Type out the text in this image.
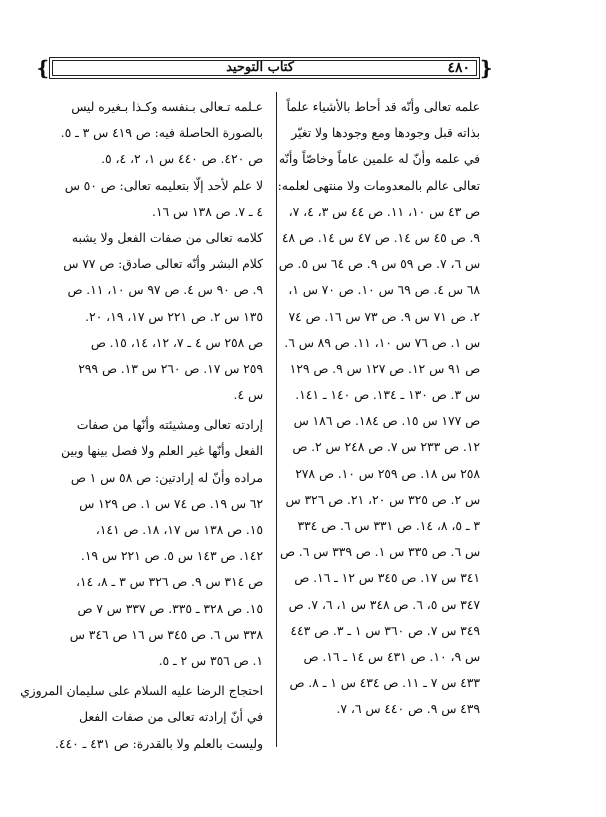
❴	❵
٤٨٠
كتاب التوحيد
علمه تعالى وأنّه قد أحاط بالأشياء علماً
بذاته قبل وجودها ومع وجودها ولا تغيّر
في علمه وأنّ له علمين عاماً وخاصّاً وأنّه
تعالى عالم بالمعدومات ولا منتهى لعلمه:
ص ٤٣ س ١٠، ١١. ص ٤٤ س ٣، ٤، ٧،
٩. ص ٤٥ س ١٤. ص ٤٧ س ١٤. ص ٤٨
س ٦، ٧. ص ٥٩ س ٩. ص ٦٤ س ٥. ص
٦٨ س ٤. ص ٦٩ س ١٠. ص ٧٠ س ١،
٢. ص ٧١ س ٩. ص ٧٣ س ١٦. ص ٧٤
س ١. ص ٧٦ س ١٠، ١١. ص ٨٩ س ٦.
ص ٩١ س ١٢. ص ١٢٧ س ٩. ص ١٢٩
س ٣. ص ١٣٠ ـ ١٣٤. ص ١٤٠ ـ ١٤١.
ص ١٧٧ س ١٥. ص ١٨٤. ص ١٨٦ س
١٢. ص ٢٣٣ س ٧. ص ٢٤٨ س ٢. ص
٢٥٨ س ١٨. ص ٢٥٩ س ١٠. ص ٢٧٨
س ٢. ص ٣٢٥ س ٢٠، ٢١. ص ٣٢٦ س
٣ ـ ٥، ٨، ١٤. ص ٣٣١ س ٦. ص ٣٣٤
س ٦. ص ٣٣٥ س ١. ص ٣٣٩ س ٦. ص
٣٤١ س ١٧. ص ٣٤٥ س ١٢ ـ ١٦. ص
٣٤٧ س ٥، ٦. ص ٣٤٨ س ١، ٦، ٧. ص
٣٤٩ س ٧. ص ٣٦٠ س ١ ـ ٣. ص ٤٤٣
س ٩، ١٠. ص ٤٣١ س ١٤ ـ ١٦. ص
٤٣٣ س ٧ ـ ١١. ص ٤٣٤ س ١ ـ ٨. ص
٤٣٩ س ٩. ص ٤٤٠ س ٦، ٧.
عـلمه تـعالى بـنفسه وكـذا بـغيره ليس
بالصورة الحاصلة فيه: ص ٤١٩ س ٣ ـ ٥.
ص ٤٢٠. ص ٤٤٠ س ١، ٢، ٤، ٥.
لا علم لأحد إلّا بتعليمه تعالى: ص ٥٠ س
٤ ـ ٧. ص ١٣٨ س ١٦.
كلامه تعالى من صفات الفعل ولا يشبه
كلام البشر وأنّه تعالى صادق: ص ٧٧ س
٩. ص ٩٠ س ٤. ص ٩٧ س ١٠، ١١. ص
١٣٥ س ٢. ص ٢٢١ س ١٧، ١٩، ٢٠.
ص ٢٥٨ س ٤ ـ ٧، ١٢، ١٤، ١٥. ص
٢٥٩ س ١٧. ص ٢٦٠ س ١٣. ص ٢٩٩
س ٤.
إرادته تعالى ومشيئته وأنّها من صفات
الفعل وأنّها غير العلم ولا فصل بينها وبين
مراده وأنّ له إرادتين: ص ٥٨ س ١ ص
٦٢ س ١٩. ص ٧٤ س ١. ص ١٢٩ س
١٥. ص ١٣٨ س ١٧، ١٨. ص ١٤١،
١٤٢. ص ١٤٣ س ٥. ص ٢٢١ س ١٩.
ص ٣١٤ س ٩. ص ٣٢٦ س ٣ ـ ٨، ١٤،
١٥. ص ٣٢٨ ـ ٣٣٥. ص ٣٣٧ س ٧ ص
٣٣٨ س ٦. ص ٣٤٥ س ١٦ ص ٣٤٦ س
١. ص ٣٥٦ س ٢ ـ ٥.
احتجاج الرضا عليه السلام على سليمان المروزي
في أنّ إرادته تعالى من صفات الفعل
وليست بالعلم ولا بالقدرة: ص ٤٣١ ـ ٤٤٠.
